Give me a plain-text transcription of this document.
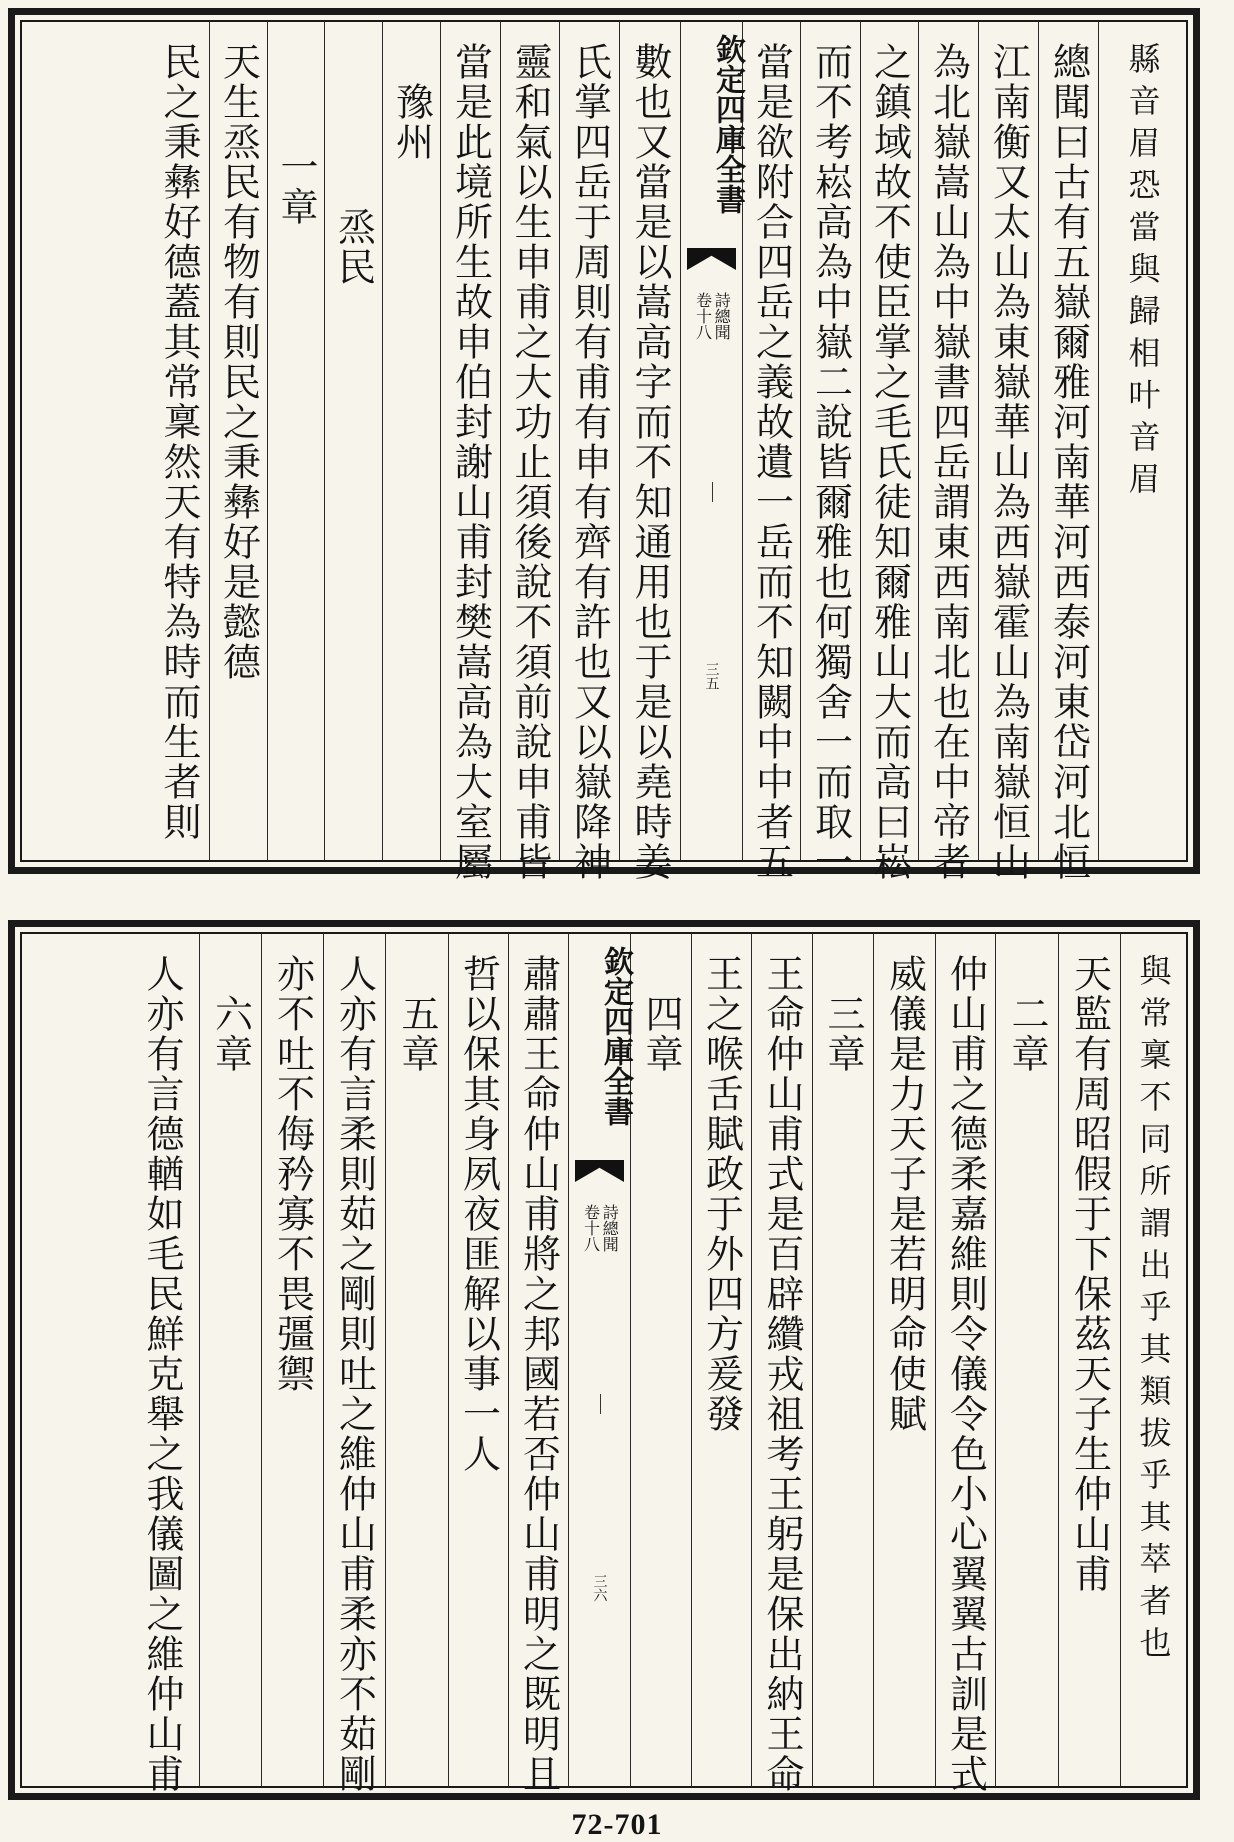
縣音眉恐當與歸相叶音眉
總聞曰古有五嶽爾雅河南華河西泰河東岱河北恒
江南衡又太山為東嶽華山為西嶽霍山為南嶽恒山
為北嶽嵩山為中嶽書四岳謂東西南北也在中帝者
之鎮域故不使臣掌之毛氏徒知爾雅山大而高曰崧
而不考崧高為中嶽二說皆爾雅也何獨舍一而取一
當是欲附合四岳之義故遺一岳而不知闕中中者五
欽定四庫全書
詩總聞
卷十八
三五
數也又當是以嵩高字而不知通用也于是以堯時姜
氏掌四岳于周則有甫有申有齊有許也又以嶽降神
靈和氣以生申甫之大功止須後說不須前說申甫皆
當是此境所生故申伯封謝山甫封樊嵩高為大室屬
豫州
烝民
一章
天生烝民有物有則民之秉彝好是懿德
民之秉彝好德蓋其常稟然天有特為時而生者則
與常稟不同所謂出乎其類拔乎其萃者也
天監有周昭假于下保茲天子生仲山甫
二章
仲山甫之德柔嘉維則令儀令色小心翼翼古訓是式
威儀是力天子是若明命使賦
三章
王命仲山甫式是百辟纘戎祖考王躬是保出納王命
王之喉舌賦政于外四方爰發
四章
欽定四庫全書
詩總聞
卷十八
三六
肅肅王命仲山甫將之邦國若否仲山甫明之既明且
哲以保其身夙夜匪解以事一人
五章
人亦有言柔則茹之剛則吐之維仲山甫柔亦不茹剛
亦不吐不侮矜寡不畏彊禦
六章
人亦有言德輶如毛民鮮克舉之我儀圖之維仲山甫
72-701
